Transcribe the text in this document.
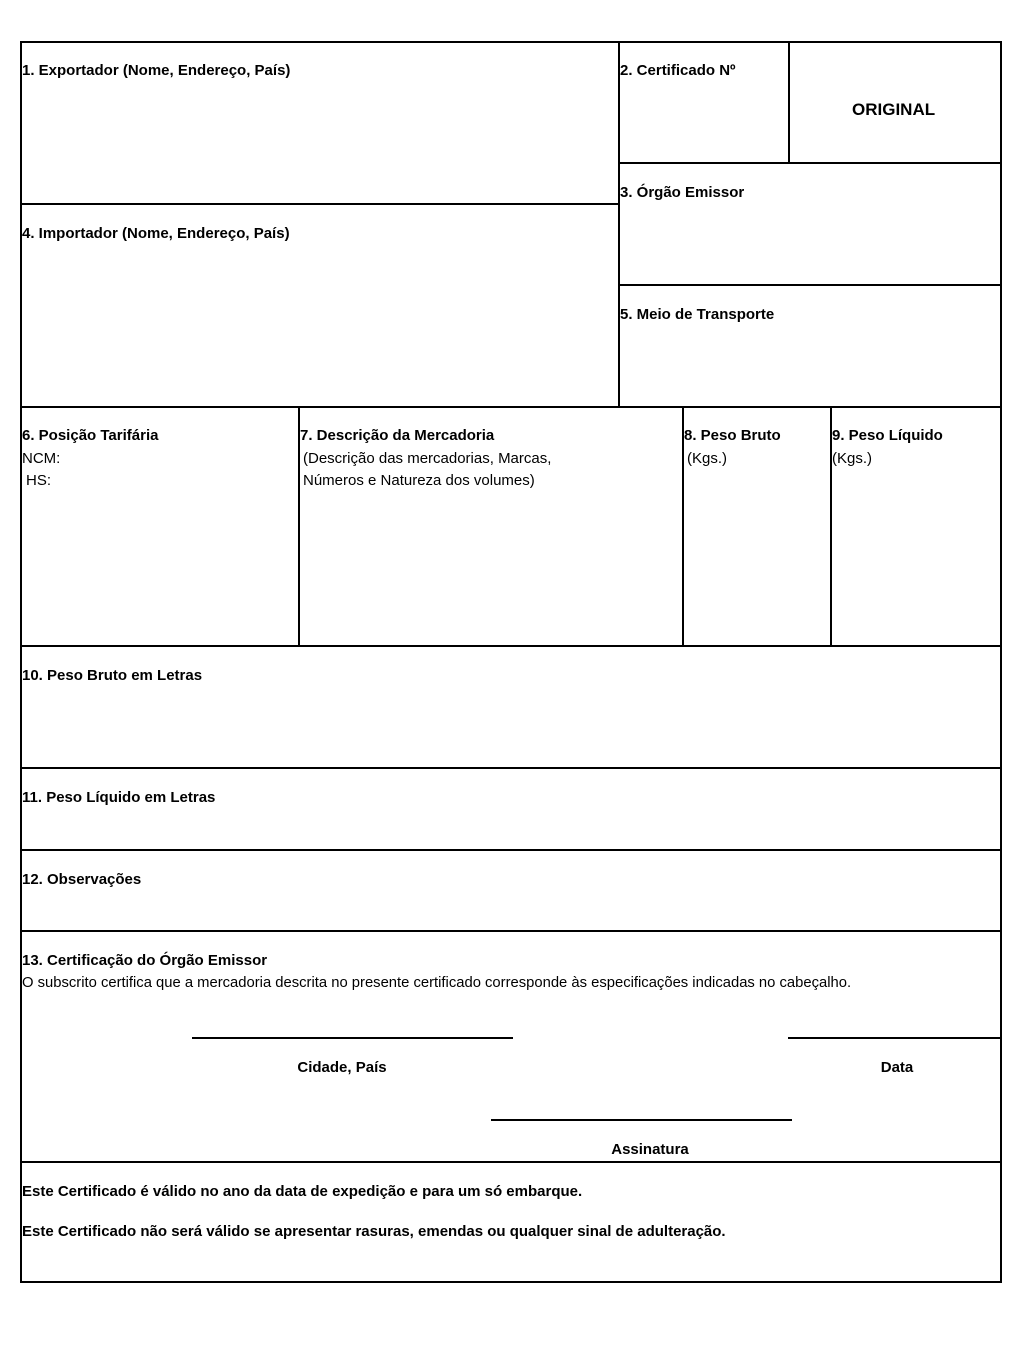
1. Exportador (Nome, Endereço, País)	2. Certificado Nº
ORIGINAL
3. Órgão Emissor
4. Importador (Nome, Endereço, País)
5. Meio de Transporte
6. Posição Tarifária
NCM:
HS:
7. Descrição da Mercadoria
(Descrição das mercadorias, Marcas,
Números e Natureza dos volumes)
8. Peso Bruto
(Kgs.)
9. Peso Líquido
(Kgs.)
10. Peso Bruto em Letras
11. Peso Líquido em Letras
12. Observações
13. Certificação do Órgão Emissor
O subscrito certifica que a mercadoria descrita no presente certificado corresponde às especificações indicadas no cabeçalho.
Cidade, País	Data
Assinatura
Este Certificado é válido no ano da data de expedição e para um só embarque.
Este Certificado não será válido se apresentar rasuras, emendas ou qualquer sinal de adulteração.
